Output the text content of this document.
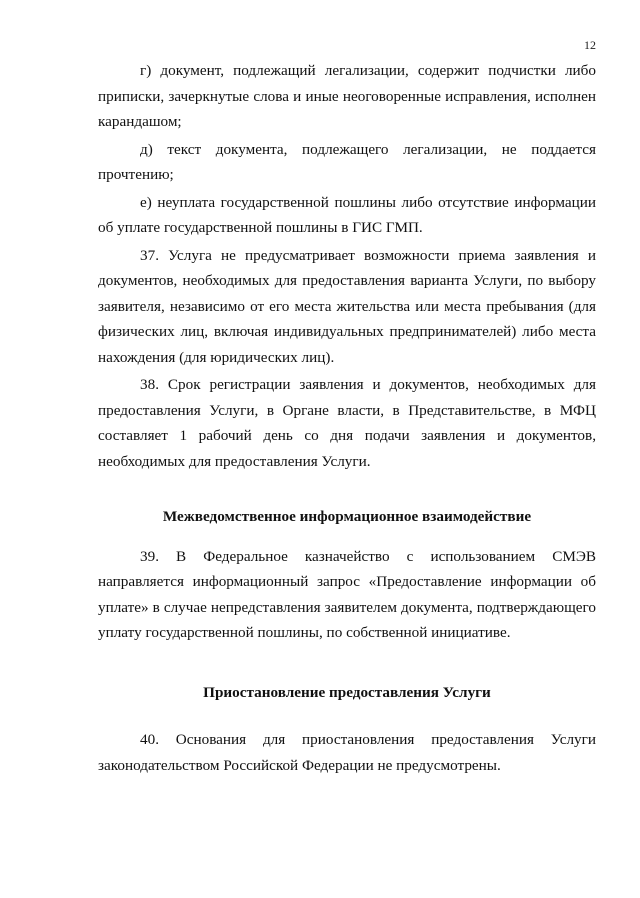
12

г) документ, подлежащий легализации, содержит подчистки либо приписки, зачеркнутые слова и иные неоговоренные исправления, исполнен карандашом;

д) текст документа, подлежащего легализации, не поддается прочтению;

е) неуплата государственной пошлины либо отсутствие информации об уплате государственной пошлины в ГИС ГМП.

37. Услуга не предусматривает возможности приема заявления и документов, необходимых для предоставления варианта Услуги, по выбору заявителя, независимо от его места жительства или места пребывания (для физических лиц, включая индивидуальных предпринимателей) либо места нахождения (для юридических лиц).

38. Срок регистрации заявления и документов, необходимых для предоставления Услуги, в Органе власти, в Представительстве, в МФЦ составляет 1 рабочий день со дня подачи заявления и документов, необходимых для предоставления Услуги.

Межведомственное информационное взаимодействие

39. В Федеральное казначейство с использованием СМЭВ направляется информационный запрос «Предоставление информации об уплате» в случае непредставления заявителем документа, подтверждающего уплату государственной пошлины, по собственной инициативе.

Приостановление предоставления Услуги

40. Основания для приостановления предоставления Услуги законодательством Российской Федерации не предусмотрены.
